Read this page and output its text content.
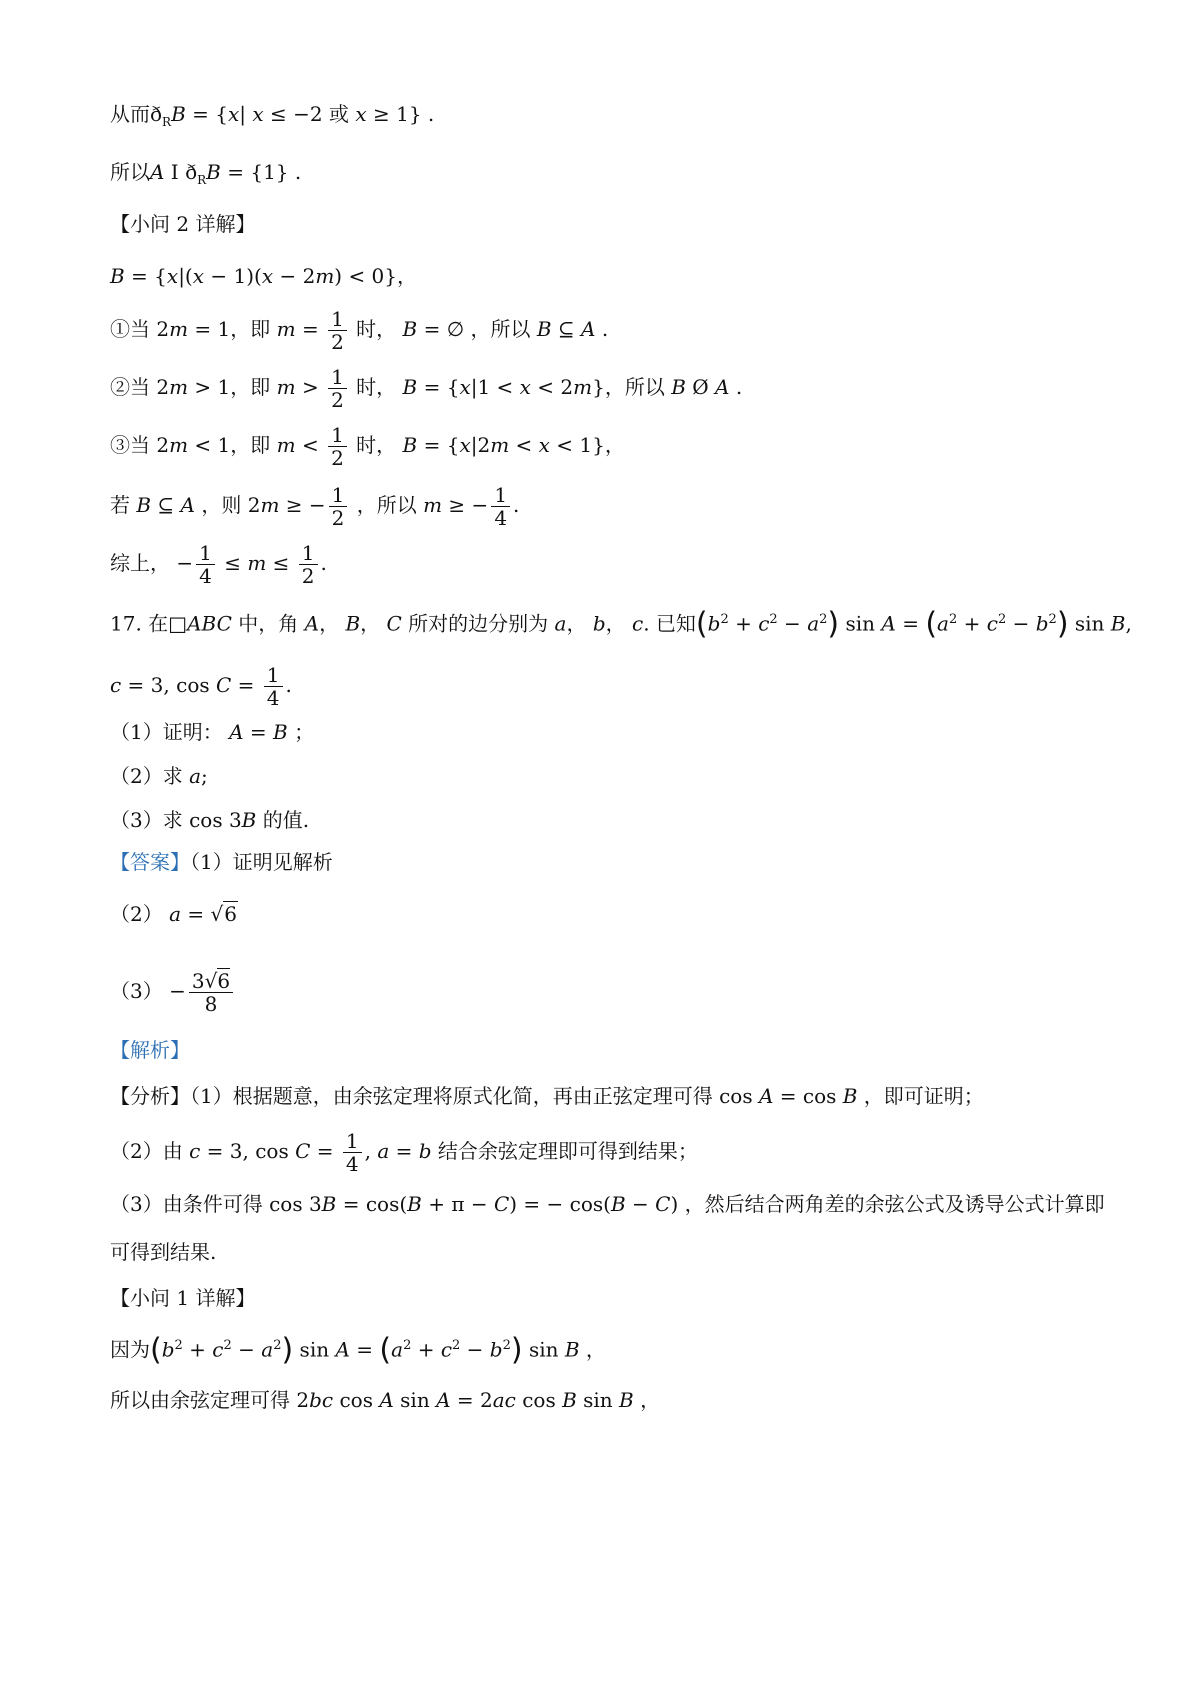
从而$ð_RB = \{x|$ x ≤ −2 或 x ≥ 1} .
所以A I $ð_RB = \{1\}$ .
【小问 2 详解】
B = {x|(x − 1)(x − 2m) < 0}，
①当 2m = 1，即 $m = \frac{1}{2}$ 时， B = ∅ ，所以 B ⊆ A .
②当 2m > 1，即 $m > \frac{1}{2}$ 时， B = {x|1 < x < 2m}，所以 B Ø A .
③当 2m < 1，即 $m < \frac{1}{2}$ 时， B = {x|2m < x < 1}，
若 B ⊆ A ，则 2m ≥ − $\frac{1}{2}$ ，所以 m ≥ − $\frac{1}{4}$ .
综上， − $\frac{1}{4} \le m \le \frac{1}{2}$ .
17. 在□ABC 中，角 A， B， C 所对的边分别为 a， b， c. 已知$(b^2 + c^2 - a^2)$ $\sin A = (a^2 + c^2 - b^2)$ sin B,
c = 3, $\cos C = \frac{1}{4}$ .
（1）证明： A = B ；
（2）求 a;
（3）求 cos 3B 的值.
【答案】（1）证明见解析
（2） a = √6
$(3) - \frac{3√6}{8}$
【解析】
【分析】（1）根据题意，由余弦定理将原式化简，再由正弦定理可得 cos A = cos B ，即可证明；
（2）由 c = 3, $\cos C = \frac{1}{4}$ , a = b 结合余弦定理即可得到结果；
（3）由条件可得 cos 3B = cos(B + π − C) = − cos(B − C) ，然后结合两角差的余弦公式及诱导公式计算即
可得到结果.
【小问 1 详解】
因为$(b^2 + c^2 - a^2)$ $\sin A = (a^2 + c^2 - b^2)$ sin B ，
所以由余弦定理可得 2bc cos A sin A = 2ac cos B sin B ，
